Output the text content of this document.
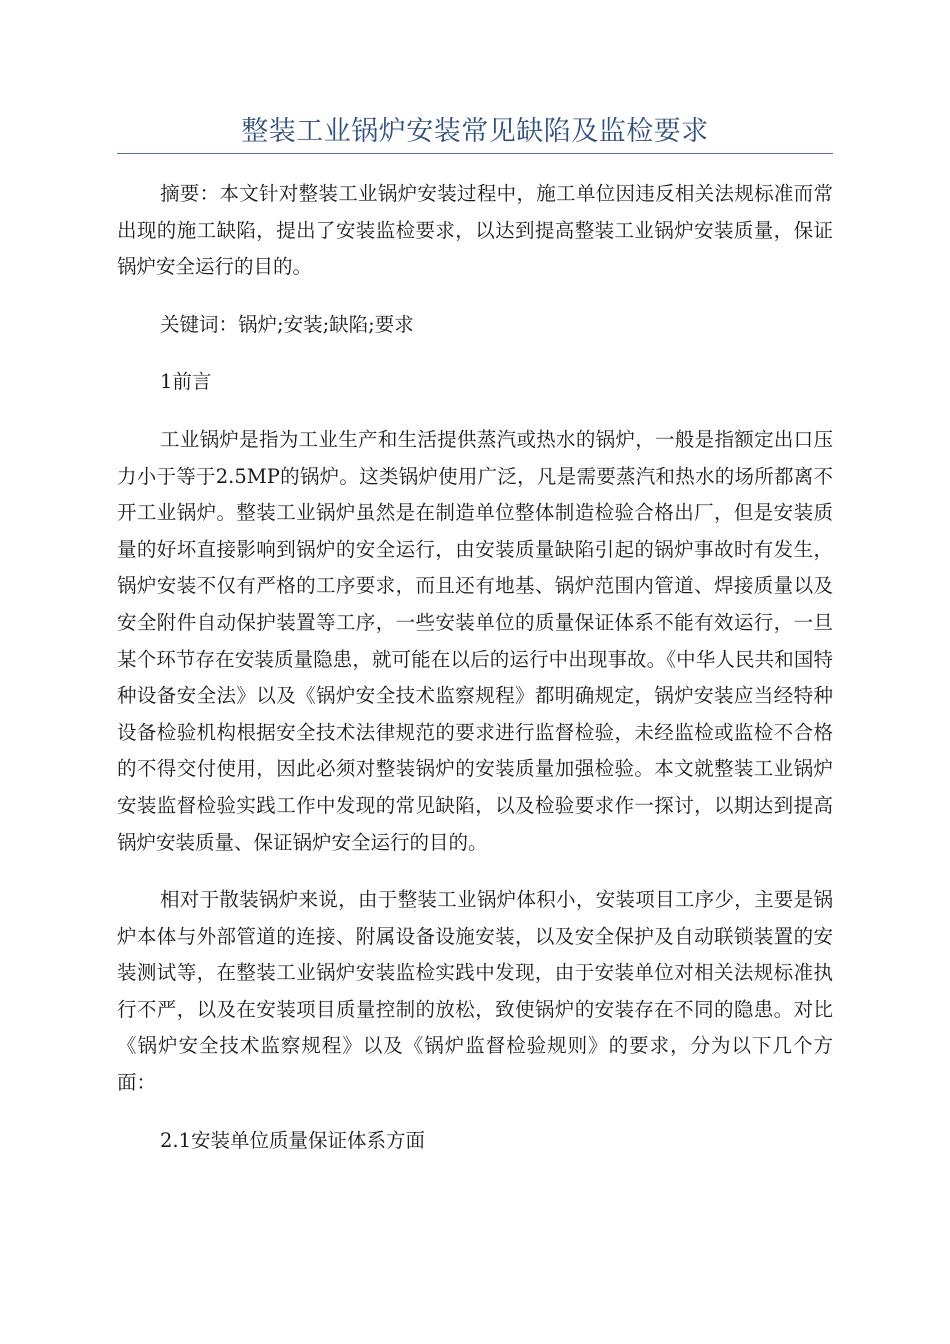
整装工业锅炉安装常见缺陷及监检要求

摘要：本文针对整装工业锅炉安装过程中，施工单位因违反相关法规标准而常出现的施工缺陷，提出了安装监检要求，以达到提高整装工业锅炉安装质量，保证锅炉安全运行的目的。

关键词：锅炉;安装;缺陷;要求

1前言

工业锅炉是指为工业生产和生活提供蒸汽或热水的锅炉，一般是指额定出口压力小于等于2.5MP的锅炉。这类锅炉使用广泛，凡是需要蒸汽和热水的场所都离不开工业锅炉。整装工业锅炉虽然是在制造单位整体制造检验合格出厂，但是安装质量的好坏直接影响到锅炉的安全运行，由安装质量缺陷引起的锅炉事故时有发生，锅炉安装不仅有严格的工序要求，而且还有地基、锅炉范围内管道、焊接质量以及安全附件自动保护装置等工序，一些安装单位的质量保证体系不能有效运行，一旦某个环节存在安装质量隐患，就可能在以后的运行中出现事故。《中华人民共和国特种设备安全法》以及《锅炉安全技术监察规程》都明确规定，锅炉安装应当经特种设备检验机构根据安全技术法律规范的要求进行监督检验，未经监检或监检不合格的不得交付使用，因此必须对整装锅炉的安装质量加强检验。本文就整装工业锅炉安装监督检验实践工作中发现的常见缺陷，以及检验要求作一探讨，以期达到提高锅炉安装质量、保证锅炉安全运行的目的。

相对于散装锅炉来说，由于整装工业锅炉体积小，安装项目工序少，主要是锅炉本体与外部管道的连接、附属设备设施安装，以及安全保护及自动联锁装置的安装测试等，在整装工业锅炉安装监检实践中发现，由于安装单位对相关法规标准执行不严，以及在安装项目质量控制的放松，致使锅炉的安装存在不同的隐患。对比《锅炉安全技术监察规程》以及《锅炉监督检验规则》的要求，分为以下几个方面：

2.1安装单位质量保证体系方面
